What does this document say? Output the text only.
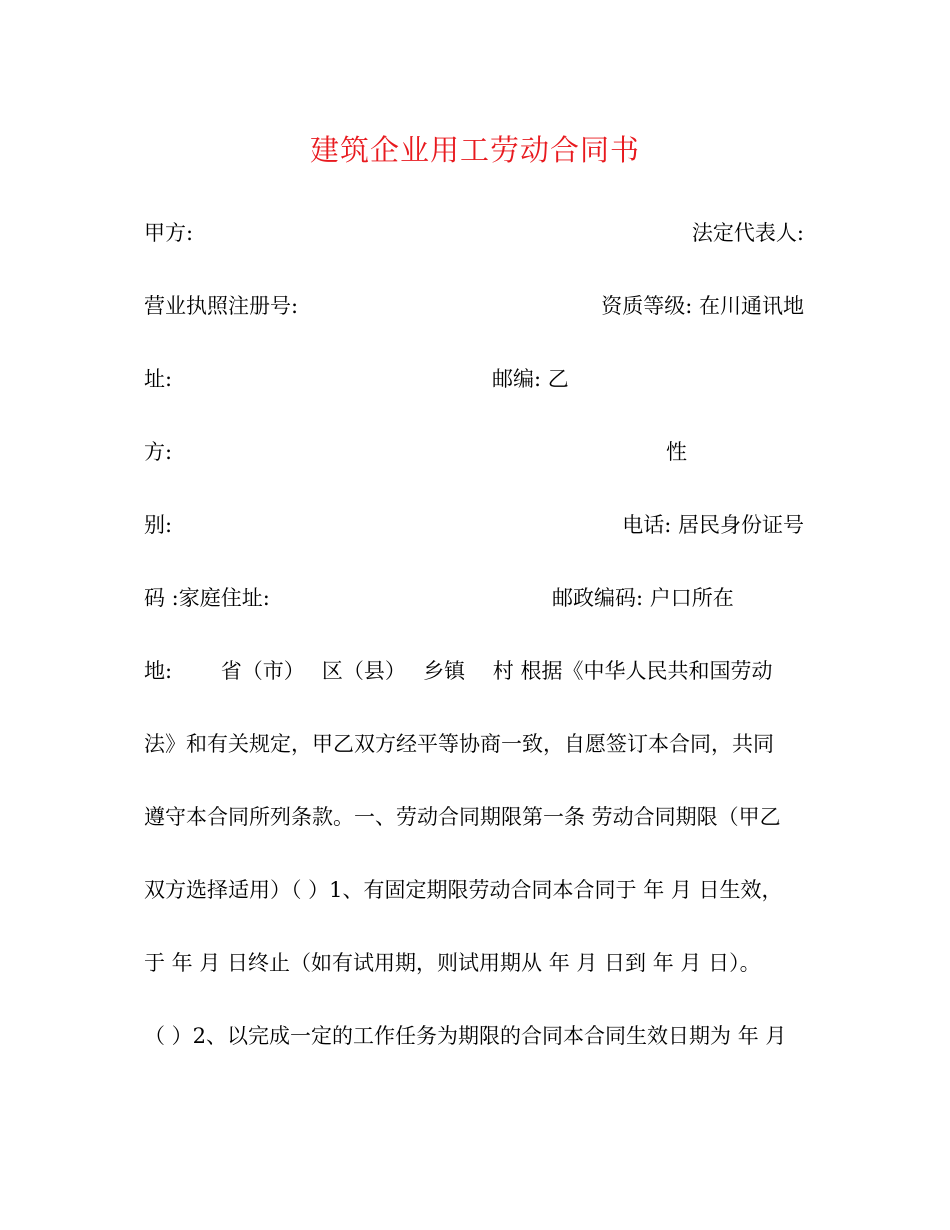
建筑企业用工劳动合同书
甲方:	法定代表人:
营业执照注册号:	资质等级: 在川通讯地
址:	邮编: 乙
方:	性
别:	电话: 居民身份证号
码 :家庭住址:	邮政编码: 户口所在
地:　　 省（市）　 区（县）　 乡镇　 村 根据《中华人民共和国劳动
法》和有关规定，甲乙双方经平等协商一致，自愿签订本合同，共同
遵守本合同所列条款。一、劳动合同期限第一条 劳动合同期限（甲乙
双方选择适用）（ ）1、有固定期限劳动合同本合同于 年 月 日生效，
于 年 月 日终止（如有试用期，则试用期从 年 月 日到 年 月 日）。
（ ）2、以完成一定的工作任务为期限的合同本合同生效日期为 年 月
